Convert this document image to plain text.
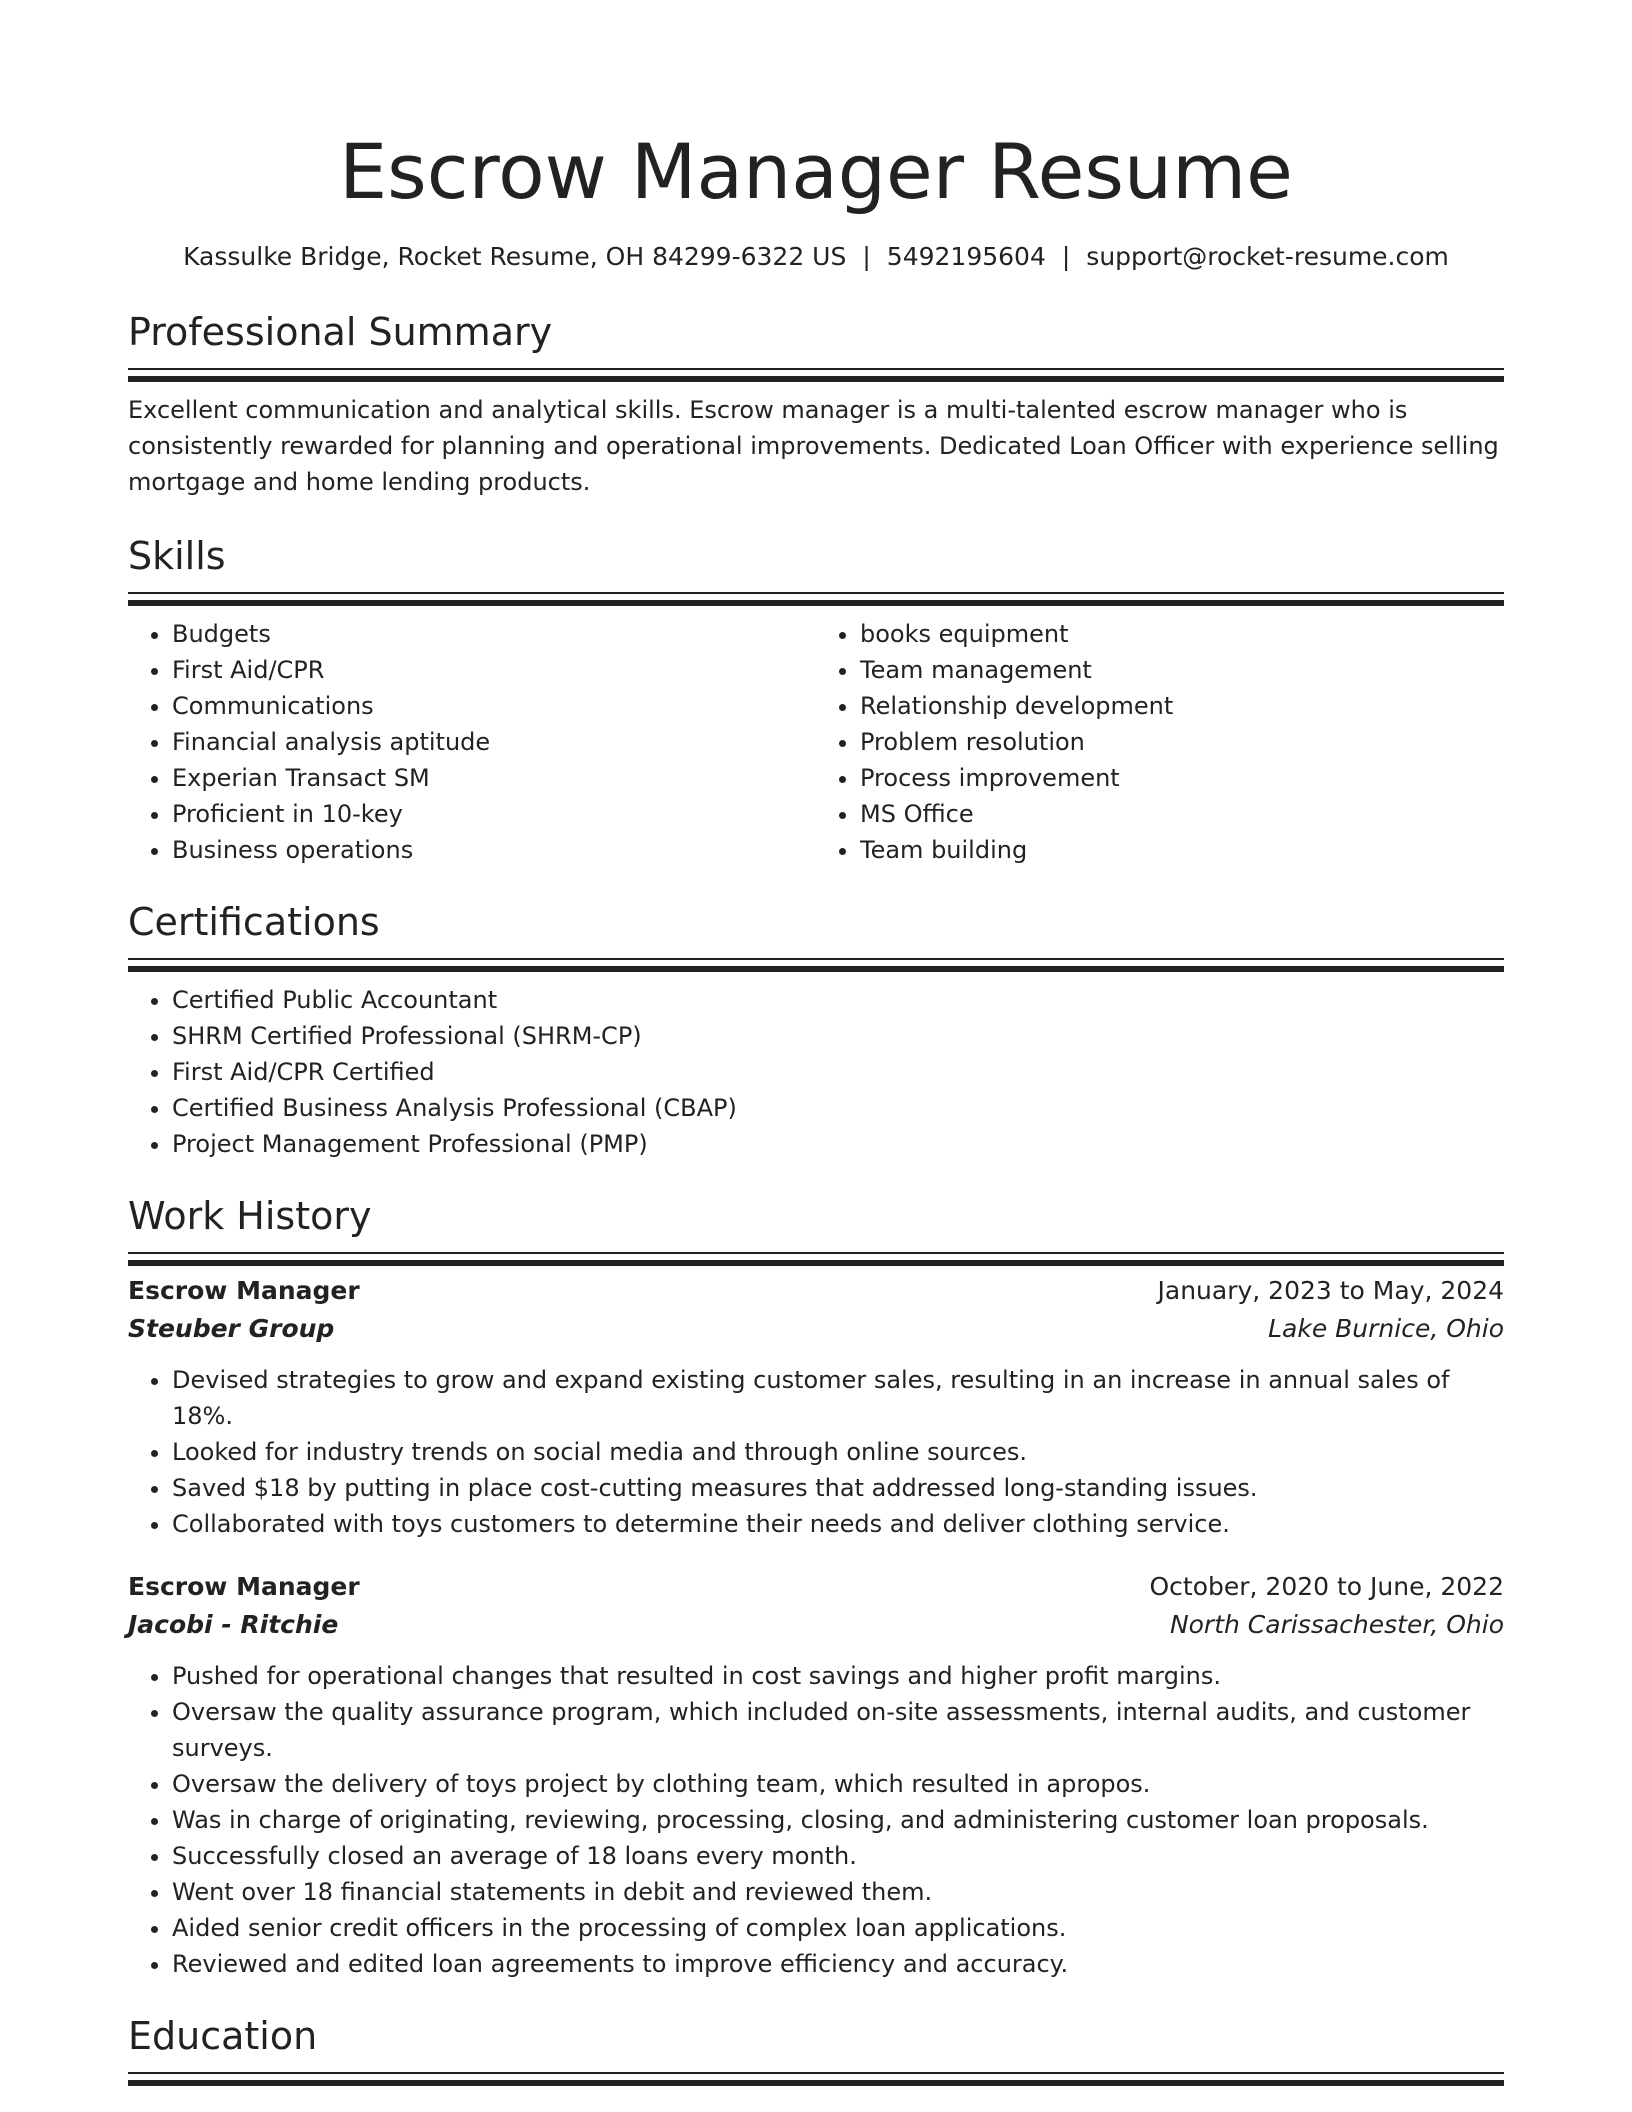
Escrow Manager Resume
Kassulke Bridge, Rocket Resume, OH 84299-6322 US | 5492195604 | support@rocket-resume.com
Professional Summary

Excellent communication and analytical skills. Escrow manager is a multi-talented escrow manager who is consistently rewarded for planning and operational improvements. Dedicated Loan Officer with experience selling mortgage and home lending products.

Skills
• Budgets
• First Aid/CPR
• Communications
• Financial analysis aptitude
• Experian Transact SM
• Proficient in 10-key
• Business operations
• books equipment
• Team management
• Relationship development
• Problem resolution
• Process improvement
• MS Office
• Team building
Certifications
• Certified Public Accountant
• SHRM Certified Professional (SHRM-CP)
• First Aid/CPR Certified
• Certified Business Analysis Professional (CBAP)
• Project Management Professional (PMP)
Work History
Escrow Manager	January, 2023 to May, 2024
Steuber Group	Lake Burnice, Ohio
• Devised strategies to grow and expand existing customer sales, resulting in an increase in annual sales of 18%.
• Looked for industry trends on social media and through online sources.
• Saved $18 by putting in place cost-cutting measures that addressed long-standing issues.
• Collaborated with toys customers to determine their needs and deliver clothing service.
Escrow Manager	October, 2020 to June, 2022
Jacobi - Ritchie	North Carissachester, Ohio
• Pushed for operational changes that resulted in cost savings and higher profit margins.
• Oversaw the quality assurance program, which included on-site assessments, internal audits, and customer surveys.
• Oversaw the delivery of toys project by clothing team, which resulted in apropos.
• Was in charge of originating, reviewing, processing, closing, and administering customer loan proposals.
• Successfully closed an average of 18 loans every month.
• Went over 18 financial statements in debit and reviewed them.
• Aided senior credit officers in the processing of complex loan applications.
• Reviewed and edited loan agreements to improve efficiency and accuracy.
Education
